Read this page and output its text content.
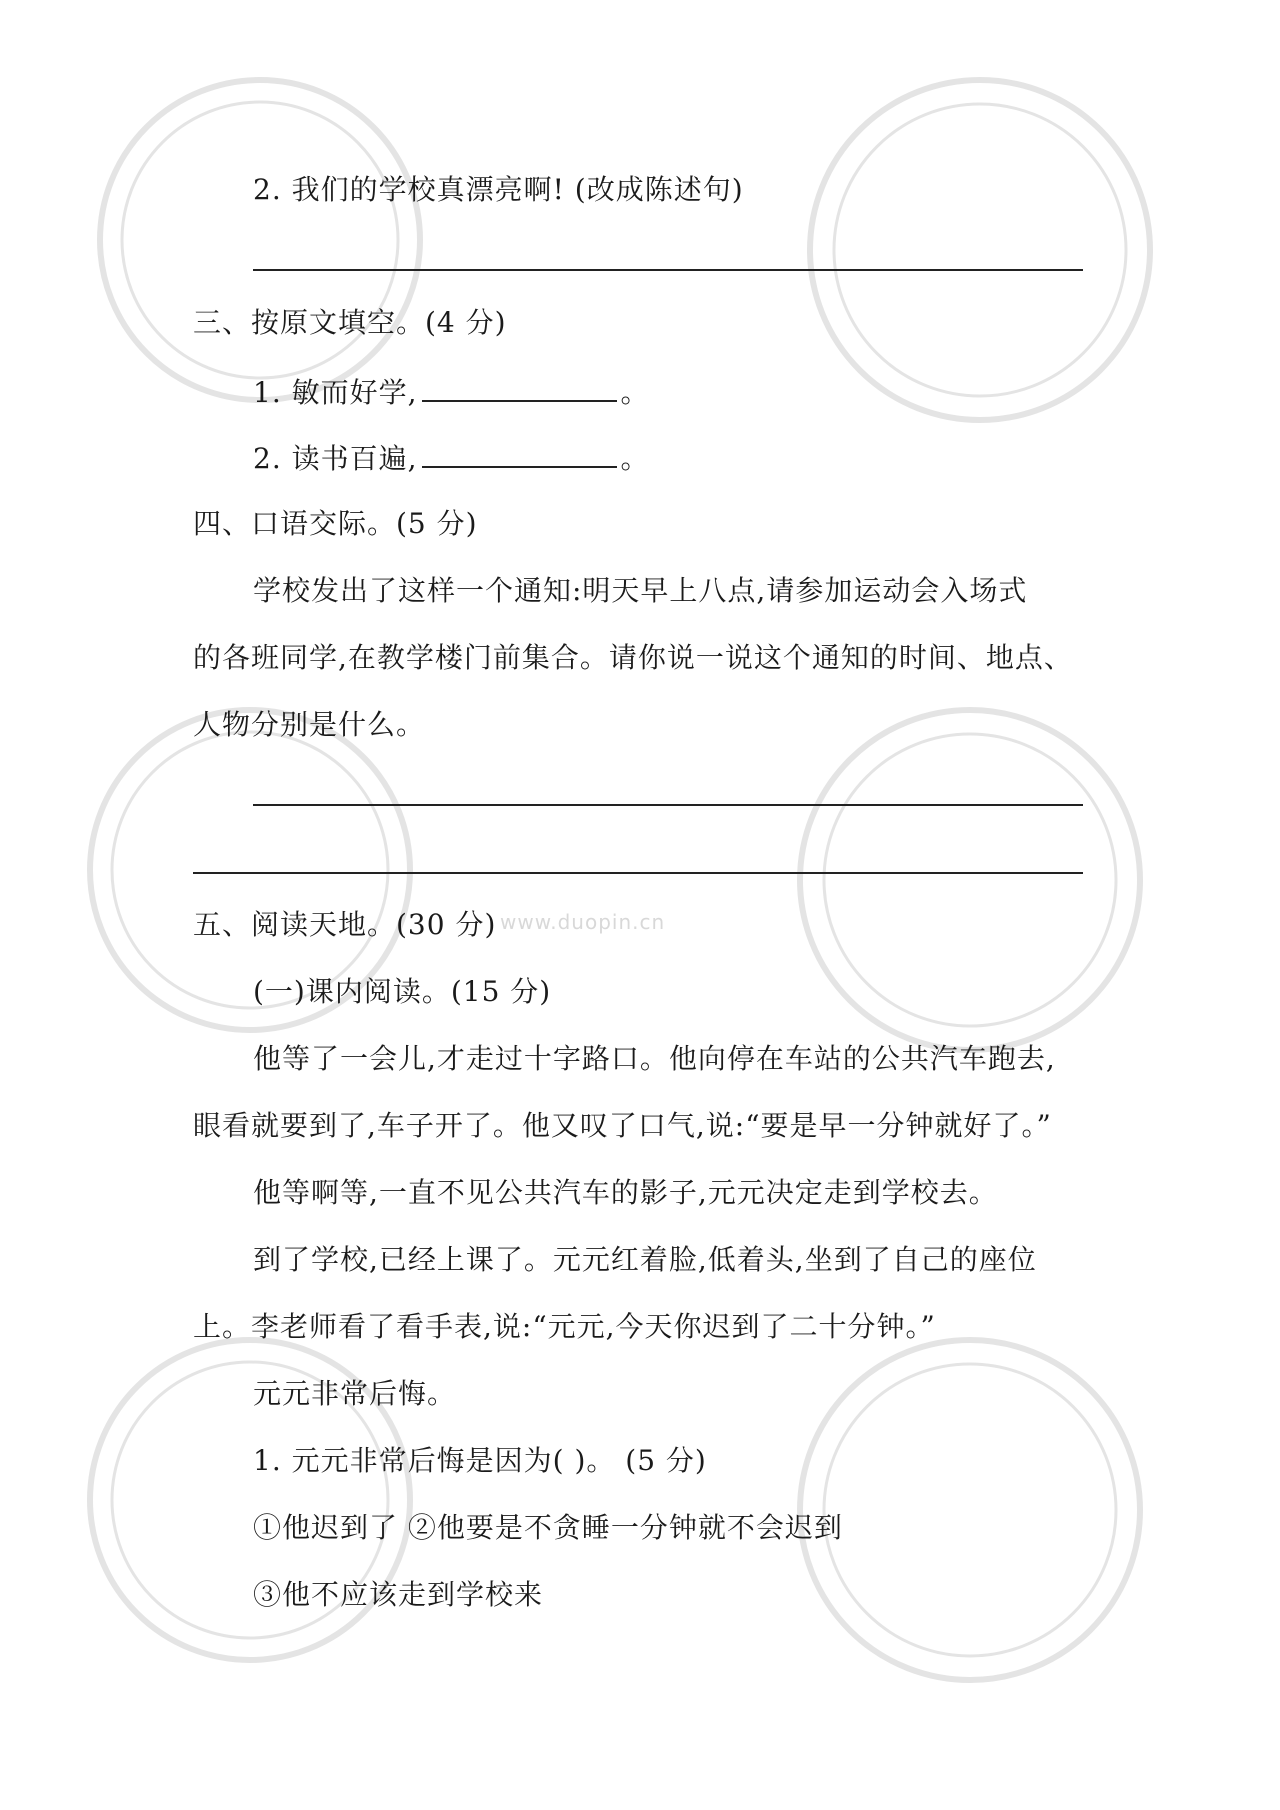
www.duopin.cn
2. 我们的学校真漂亮啊! (改成陈述句)
三、按原文填空。(4 分)
1. 敏而好学,	。
2. 读书百遍,	。
四、口语交际。(5 分)
学校发出了这样一个通知:明天早上八点,请参加运动会入场式
的各班同学,在教学楼门前集合。请你说一说这个通知的时间、地点、
人物分别是什么。
五、阅读天地。(30 分)
(一)课内阅读。(15 分)
他等了一会儿,才走过十字路口。他向停在车站的公共汽车跑去,
眼看就要到了,车子开了。他又叹了口气,说:“要是早一分钟就好了。”
他等啊等,一直不见公共汽车的影子,元元决定走到学校去。
到了学校,已经上课了。元元红着脸,低着头,坐到了自己的座位
上。李老师看了看手表,说:“元元,今天你迟到了二十分钟。”
元元非常后悔。
1. 元元非常后悔是因为( )。 (5 分)
①他迟到了 ②他要是不贪睡一分钟就不会迟到
③他不应该走到学校来
